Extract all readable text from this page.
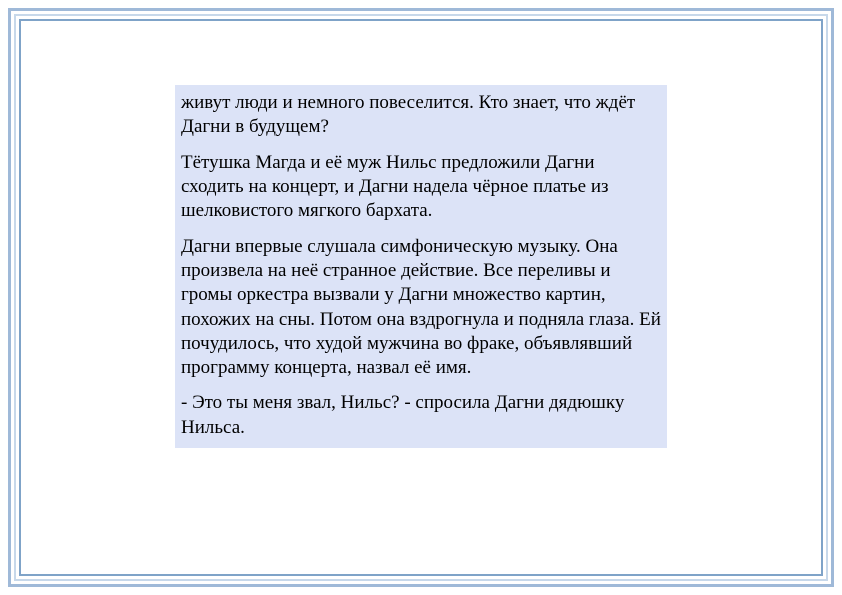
живут люди и немного повеселится. Кто знает, что ждёт Дагни в будущем?

Тётушка Магда и её муж Нильс предложили Дагни сходить на концерт, и Дагни надела чёрное платье из шелковистого мягкого бархата.

Дагни впервые слушала симфоническую музыку. Она произвела на неё странное действие. Все переливы и громы оркестра вызвали у Дагни множество картин, похожих на сны. Потом она вздрогнула и подняла глаза. Ей почудилось, что худой мужчина во фраке, объявлявший программу концерта, назвал её имя.

- Это ты меня звал, Нильс? - спросила Дагни дядюшку Нильса.
